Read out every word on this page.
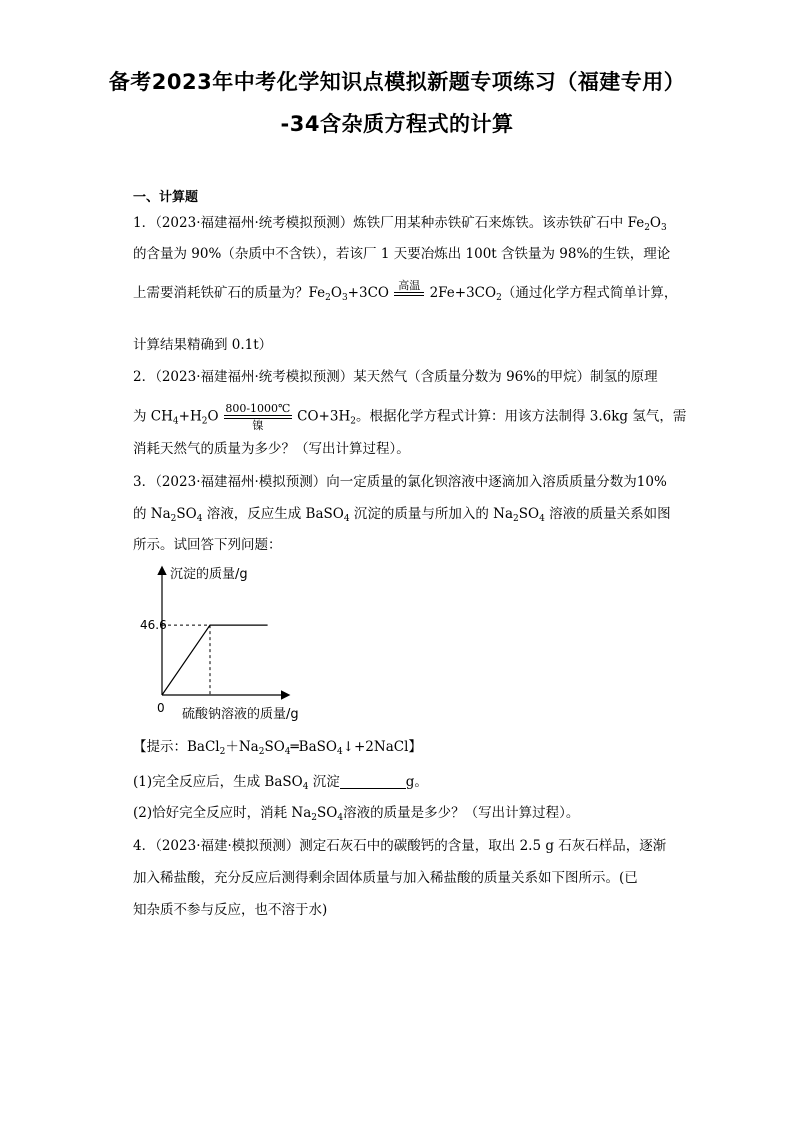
备考2023年中考化学知识点模拟新题专项练习（福建专用）
-34含杂质方程式的计算
一、计算题
1．（2023·福建福州·统考模拟预测）炼铁厂用某种赤铁矿石来炼铁。该赤铁矿石中 $Fe_2O_3$
的含量为 90%（杂质中不含铁），若该厂 1 天要冶炼出 100t 含铁量为 98%的生铁，理论
上需要消耗铁矿石的质量为？$Fe_2O_3+3CO$ 高温 $2Fe+3CO_2$（通过化学方程式简单计算，
计算结果精确到 0.1t）
2．（2023·福建福州·统考模拟预测）某天然气（含质量分数为 96%的甲烷）制氢的原理
为 $CH_4+H_2O$ 800-1000℃
镍
$CO+3H_2$。根据化学方程式计算：用该方法制得 3.6kg 氢气，需
消耗天然气的质量为多少？（写出计算过程）。
3．（2023·福建福州·模拟预测）向一定质量的氯化钡溶液中逐滴加入溶质质量分数为10%
的 $Na_2SO_4$ 溶液，反应生成 BaSO$_4$ 沉淀的质量与所加入的 $Na_2SO_4$ 溶液的质量关系如图
所示。试回答下列问题：
沉淀的质量/g
0 硫酸钠溶液的质量/g
46.6
【提示：$BaCl_2+Na_2SO_4═BaSO_4↓+2NaCl$】
(1)完全反应后，生成 BaSO$_4$ 沉淀	g。
(2)恰好完全反应时，消耗 $Na_2SO_4$溶液的质量是多少？（写出计算过程）。
4．（2023·福建·模拟预测）测定石灰石中的碳酸钙的含量，取出 2.5 g 石灰石样品，逐渐
加入稀盐酸，充分反应后测得剩余固体质量与加入稀盐酸的质量关系如下图所示。(已
知杂质不参与反应，也不溶于水)
